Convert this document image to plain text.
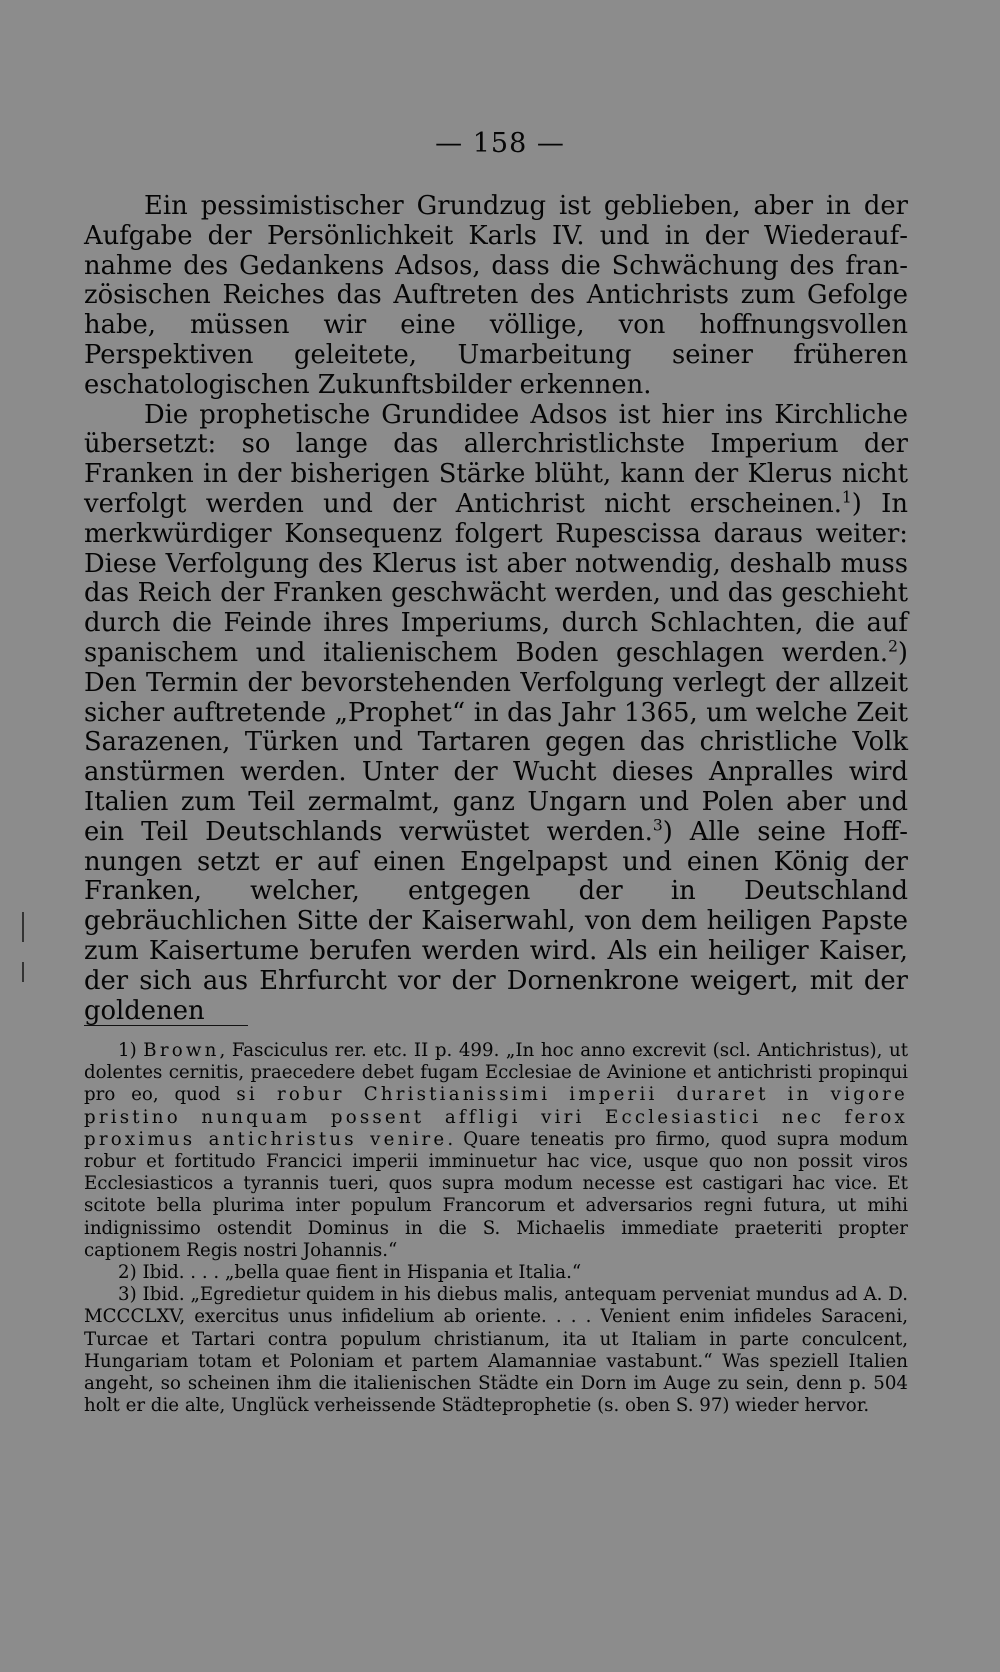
— 158 —

Ein pessimistischer Grundzug ist geblieben, aber in der Aufgabe der Persönlichkeit Karls IV. und in der Wiederaufnahme des Gedankens Adsos, dass die Schwächung des französischen Reiches das Auftreten des Antichrists zum Gefolge habe, müssen wir eine völlige, von hoffnungsvollen Perspektiven geleitete, Umarbeitung seiner früheren eschatologischen Zukunftsbilder erkennen.

Die prophetische Grundidee Adsos ist hier ins Kirchliche übersetzt: so lange das allerchristlichste Imperium der Franken in der bisherigen Stärke blüht, kann der Klerus nicht verfolgt werden und der Antichrist nicht erscheinen.$^1$) In merkwürdiger Konsequenz folgert Rupescissa daraus weiter: Diese Verfolgung des Klerus ist aber notwendig, deshalb muss das Reich der Franken geschwächt werden, und das geschieht durch die Feinde ihres Imperiums, durch Schlachten, die auf spanischem und italienischem Boden geschlagen werden.$^2$) Den Termin der bevorstehenden Verfolgung verlegt der allzeit sicher auftretende „Prophet“ in das Jahr 1365, um welche Zeit Sarazenen, Türken und Tartaren gegen das christliche Volk anstürmen werden. Unter der Wucht dieses Anpralles wird Italien zum Teil zermalmt, ganz Ungarn und Polen aber und ein Teil Deutschlands verwüstet werden.$^3$) Alle seine Hoffnungen setzt er auf einen Engelpapst und einen König der Franken, welcher, entgegen der in Deutschland gebräuchlichen Sitte der Kaiserwahl, von dem heiligen Papste zum Kaisertume berufen werden wird. Als ein heiliger Kaiser, der sich aus Ehrfurcht vor der Dornenkrone weigert, mit der goldenen

1) Brown, Fasciculus rer. etc. II p. 499. „In hoc anno excrevit (scl. Antichristus), ut dolentes cernitis, praecedere debet fugam Ecclesiae de Avinione et antichristi propinqui pro eo, quod si robur Christianissimi imperii duraret in vigore pristino nunquam possent affligi viri Ecclesiastici nec ferox proximus antichristus venire. Quare teneatis pro firmo, quod supra modum robur et fortitudo Francici imperii imminuetur hac vice, usque quo non possit viros Ecclesiasticos a tyrannis tueri, quos supra modum necesse est castigari hac vice. Et scitote bella plurima inter populum Francorum et adversarios regni futura, ut mihi indignissimo ostendit Dominus in die S. Michaelis immediate praeteriti propter captionem Regis nostri Johannis.“

2) Ibid. . . . „bella quae fient in Hispania et Italia.“

3) Ibid. „Egredietur quidem in his diebus malis, antequam perveniat mundus ad A. D. MCCCLXV, exercitus unus infidelium ab oriente. . . . Venient enim infideles Saraceni, Turcae et Tartari contra populum christianum, ita ut Italiam in parte conculcent, Hungariam totam et Poloniam et partem Alamanniae vastabunt.“ Was speziell Italien angeht, so scheinen ihm die italienischen Städte ein Dorn im Auge zu sein, denn p. 504 holt er die alte, Unglück verheissende Städteprophetie (s. oben S. 97) wieder hervor.
